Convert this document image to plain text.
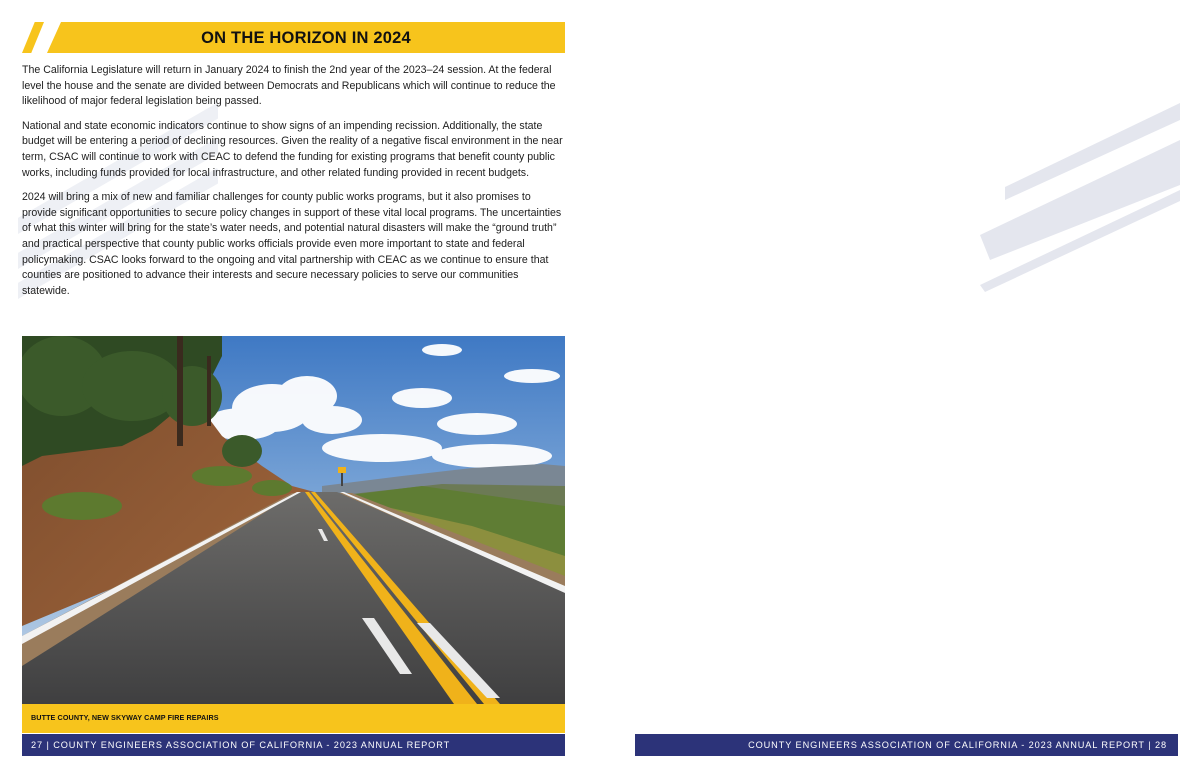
ON THE HORIZON IN 2024

The California Legislature will return in January 2024 to finish the 2nd year of the 2023–24 session. At the federal level the house and the senate are divided between Democrats and Republicans which will continue to reduce the likelihood of major federal legislation being passed.

National and state economic indicators continue to show signs of an impending recission. Additionally, the state budget will be entering a period of declining resources. Given the reality of a negative fiscal environment in the near term, CSAC will continue to work with CEAC to defend the funding for existing programs that benefit county public works, including funds provided for local infrastructure, and other related funding provided in recent budgets.

2024 will bring a mix of new and familiar challenges for county public works programs, but it also promises to provide significant opportunities to secure policy changes in support of these vital local programs. The uncertainties of what this winter will bring for the state’s water needs, and potential natural disasters will make the “ground truth” and practical perspective that county public works officials provide even more important to state and federal policymaking. CSAC looks forward to the ongoing and vital partnership with CEAC as we continue to ensure that counties are positioned to advance their interests and secure necessary policies to serve our communities statewide.

BUTTE COUNTY, NEW SKYWAY CAMP FIRE REPAIRS
27 | COUNTY ENGINEERS ASSOCIATION OF CALIFORNIA - 2023 ANNUAL REPORT	COUNTY ENGINEERS ASSOCIATION OF CALIFORNIA - 2023 ANNUAL REPORT | 28
